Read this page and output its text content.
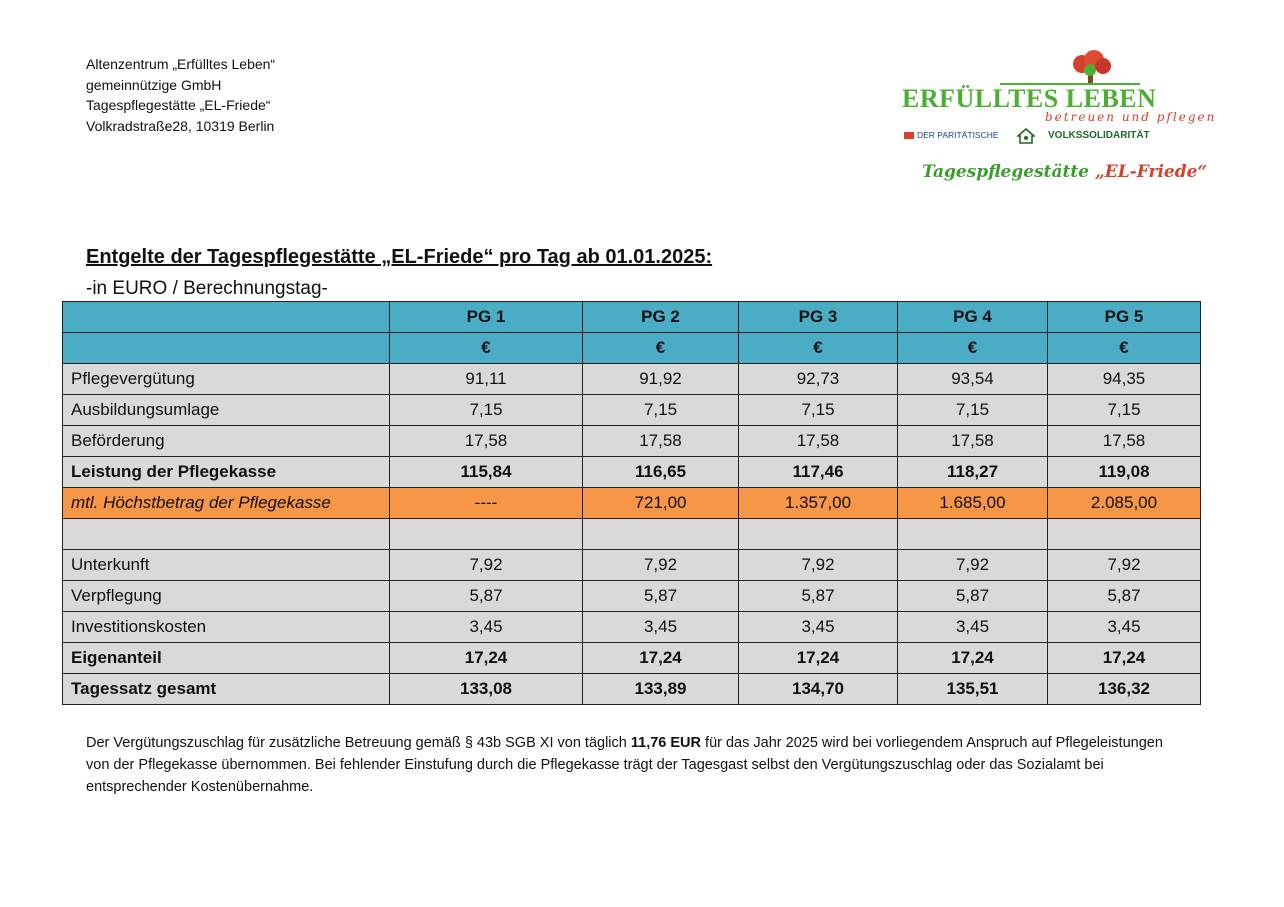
Altenzentrum „Erfülltes Leben“
gemeinnützige GmbH
Tagespflegestätte „EL-Friede“
Volkradstraße28, 10319 Berlin
ERFÜLLTES LEBEN
betreuen und pflegen
DER PARITÄTISCHE	VOLKSSOLIDARITÄT
Tagespflegestätte „EL-Friede“
Entgelte der Tagespflegestätte „EL-Friede“ pro Tag ab 01.01.2025:
-in EURO / Berechnungstag-
	PG 1	PG 2	PG 3	PG 4	PG 5
	€	€	€	€	€
Pflegevergütung	91,11	91,92	92,73	93,54	94,35
Ausbildungsumlage	7,15	7,15	7,15	7,15	7,15
Beförderung	17,58	17,58	17,58	17,58	17,58
Leistung der Pflegekasse	115,84	116,65	117,46	118,27	119,08
mtl. Höchstbetrag der Pflegekasse	----	721,00	1.357,00	1.685,00	2.085,00

Unterkunft	7,92	7,92	7,92	7,92	7,92
Verpflegung	5,87	5,87	5,87	5,87	5,87
Investitionskosten	3,45	3,45	3,45	3,45	3,45
Eigenanteil	17,24	17,24	17,24	17,24	17,24
Tagessatz gesamt	133,08	133,89	134,70	135,51	136,32
Der Vergütungszuschlag für zusätzliche Betreuung gemäß § 43b SGB XI von täglich 11,76 EUR für das Jahr 2025 wird bei vorliegendem Anspruch auf Pflegeleistungen von der Pflegekasse übernommen. Bei fehlender Einstufung durch die Pflegekasse trägt der Tagesgast selbst den Vergütungszuschlag oder das Sozialamt bei entsprechender Kostenübernahme.
